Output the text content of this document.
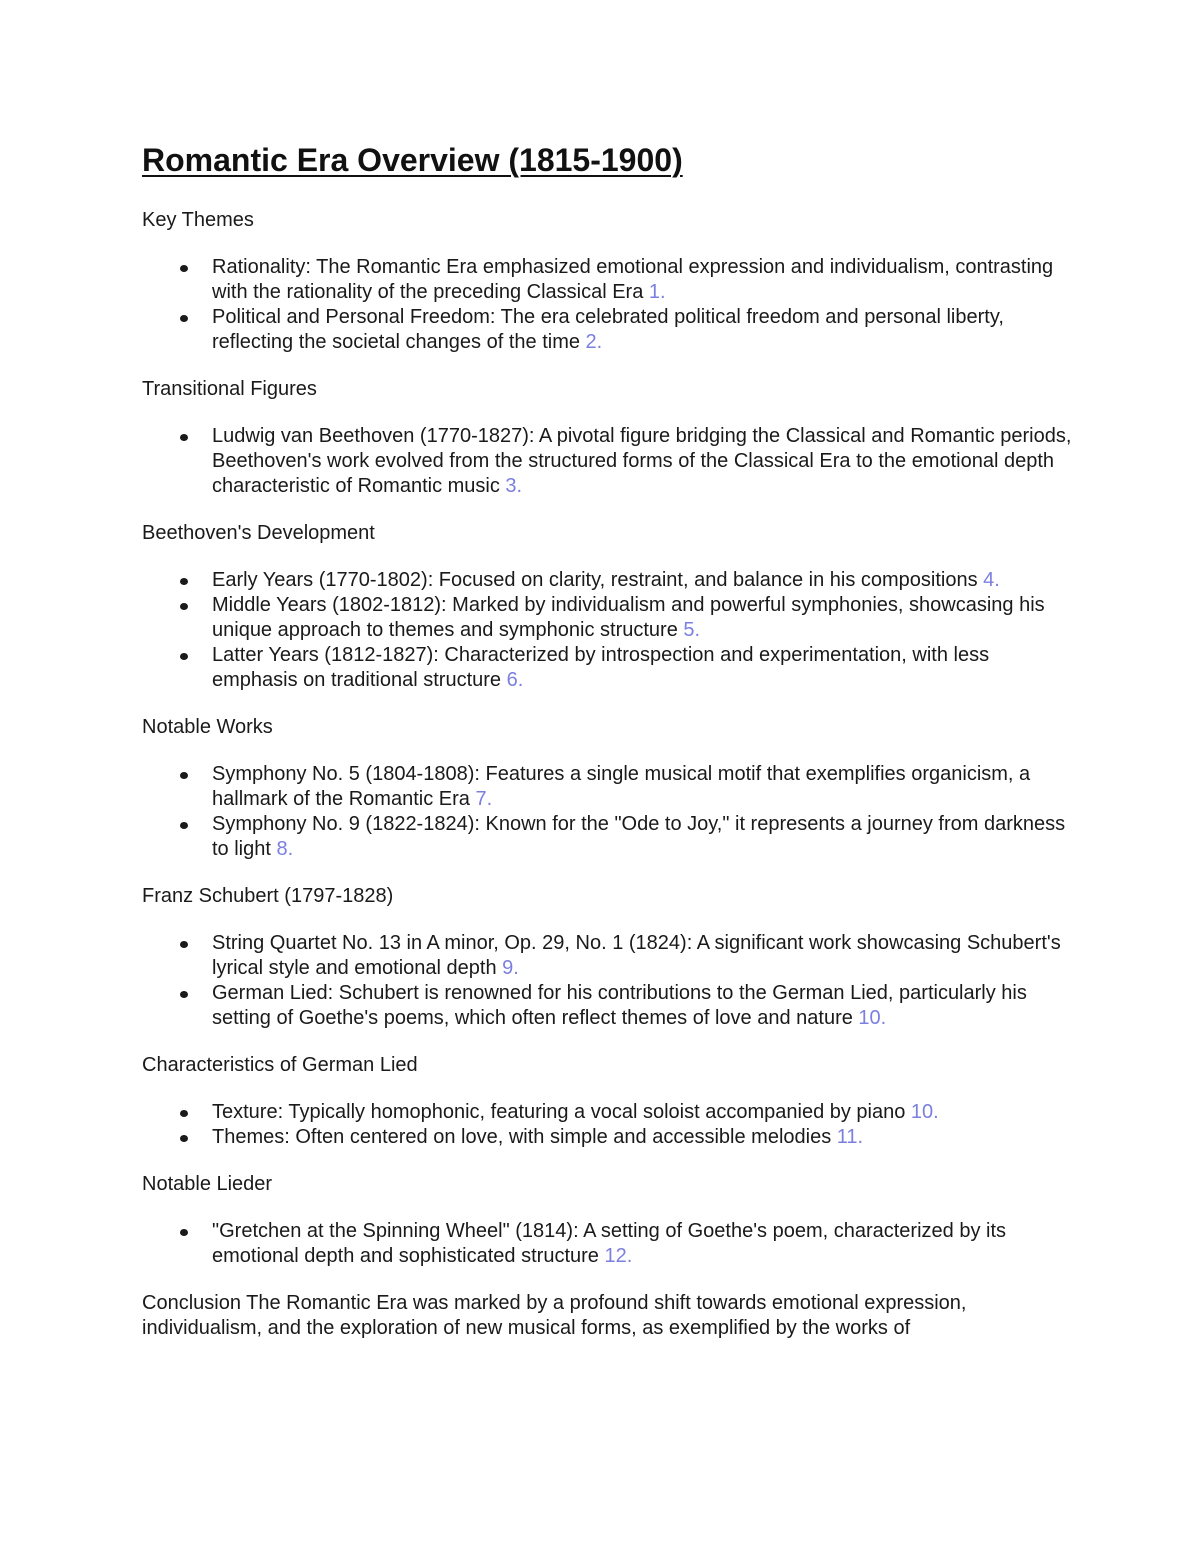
Romantic Era Overview (1815-1900)

Key Themes

Rationality: The Romantic Era emphasized emotional expression and individualism, contrasting with the rationality of the preceding Classical Era 1.
Political and Personal Freedom: The era celebrated political freedom and personal liberty, reflecting the societal changes of the time 2.

Transitional Figures

Ludwig van Beethoven (1770-1827): A pivotal figure bridging the Classical and Romantic periods, Beethoven's work evolved from the structured forms of the Classical Era to the emotional depth characteristic of Romantic music 3.

Beethoven's Development

Early Years (1770-1802): Focused on clarity, restraint, and balance in his compositions 4.
Middle Years (1802-1812): Marked by individualism and powerful symphonies, showcasing his unique approach to themes and symphonic structure 5.
Latter Years (1812-1827): Characterized by introspection and experimentation, with less emphasis on traditional structure 6.

Notable Works

Symphony No. 5 (1804-1808): Features a single musical motif that exemplifies organicism, a hallmark of the Romantic Era 7.
Symphony No. 9 (1822-1824): Known for the "Ode to Joy," it represents a journey from darkness to light 8.

Franz Schubert (1797-1828)

String Quartet No. 13 in A minor, Op. 29, No. 1 (1824): A significant work showcasing Schubert's lyrical style and emotional depth 9.
German Lied: Schubert is renowned for his contributions to the German Lied, particularly his setting of Goethe's poems, which often reflect themes of love and nature 10.

Characteristics of German Lied

Texture: Typically homophonic, featuring a vocal soloist accompanied by piano 10.
Themes: Often centered on love, with simple and accessible melodies 11.

Notable Lieder

"Gretchen at the Spinning Wheel" (1814): A setting of Goethe's poem, characterized by its emotional depth and sophisticated structure 12.

Conclusion The Romantic Era was marked by a profound shift towards emotional expression, individualism, and the exploration of new musical forms, as exemplified by the works of
